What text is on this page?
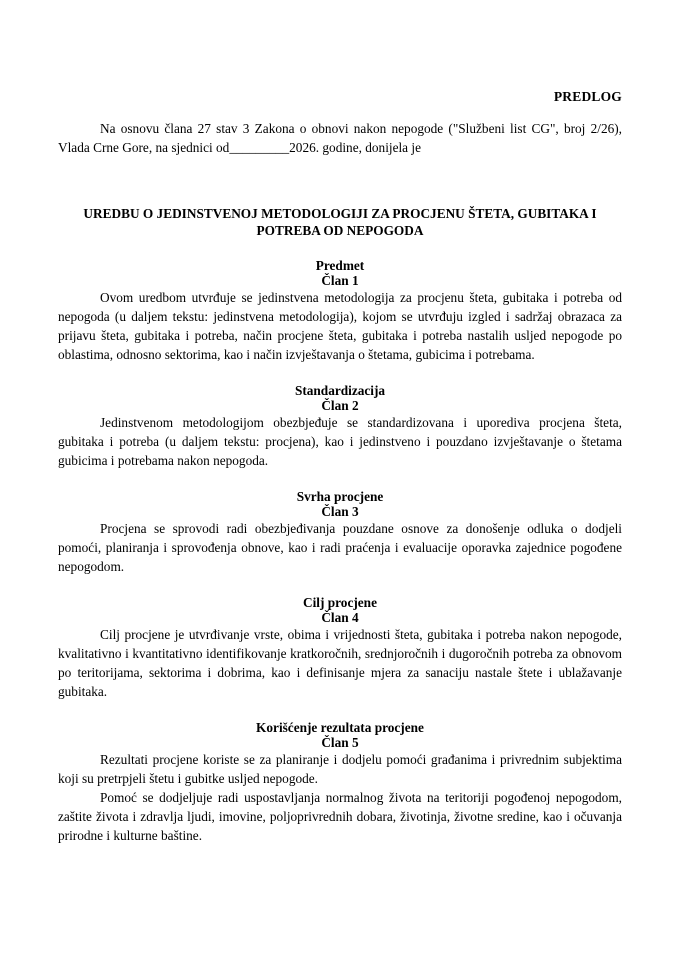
PREDLOG

Na osnovu člana 27 stav 3 Zakona o obnovi nakon nepogode ("Službeni list CG", broj 2/26), Vlada Crne Gore, na sjednici od_________2026. godine, donijela je

UREDBU O JEDINSTVENOJ METODOLOGIJI ZA PROCJENU ŠTETA, GUBITAKA I POTREBA OD NEPOGODA

Predmet

Član 1

Ovom uredbom utvrđuje se jedinstvena metodologija za procjenu šteta, gubitaka i potreba od nepogoda (u daljem tekstu: jedinstvena metodologija), kojom se utvrđuju izgled i sadržaj obrazaca za prijavu šteta, gubitaka i potreba, način procjene šteta, gubitaka i potreba nastalih usljed nepogode po oblastima, odnosno sektorima, kao i način izvještavanja o štetama, gubicima i potrebama.

Standardizacija

Član 2

Jedinstvenom metodologijom obezbjeđuje se standardizovana i uporediva procjena šteta, gubitaka i potreba (u daljem tekstu: procjena), kao i jedinstveno i pouzdano izvještavanje o štetama gubicima i potrebama nakon nepogoda.

Svrha procjene

Član 3

Procjena se sprovodi radi obezbjeđivanja pouzdane osnove za donošenje odluka o dodjeli pomoći, planiranja i sprovođenja obnove, kao i radi praćenja i evaluacije oporavka zajednice pogođene nepogodom.

Cilj procjene

Član 4

Cilj procjene je utvrđivanje vrste, obima i vrijednosti šteta, gubitaka i potreba nakon nepogode, kvalitativno i kvantitativno identifikovanje kratkoročnih, srednjoročnih i dugoročnih potreba za obnovom po teritorijama, sektorima i dobrima, kao i definisanje mjera za sanaciju nastale štete i ublažavanje gubitaka.

Korišćenje rezultata procjene

Član 5

Rezultati procjene koriste se za planiranje i dodjelu pomoći građanima i privrednim subjektima koji su pretrpjeli štetu i gubitke usljed nepogode.

Pomoć se dodjeljuje radi uspostavljanja normalnog života na teritoriji pogođenoj nepogodom, zaštite života i zdravlja ljudi, imovine, poljoprivrednih dobara, životinja, životne sredine, kao i očuvanja prirodne i kulturne baštine.
